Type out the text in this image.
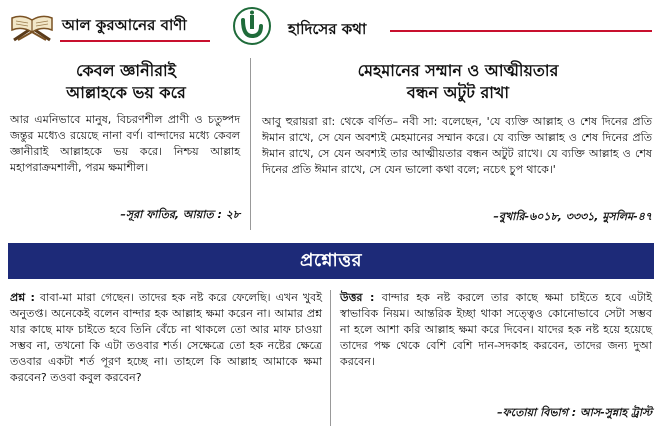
আল কুরআনের বাণী	হাদিসের কথা
কেবল জ্ঞানীরাই
আল্লাহকে ভয় করে
আর এমনিভাবে মানুষ, বিচরণশীল প্রাণী ও চতুষ্পদ জন্তুর মধ্যেও রয়েছে নানা বর্ণ। বান্দাদের মধ্যে কেবল জ্ঞানীরাই আল্লাহকে ভয় করে। নিশ্চয় আল্লাহ মহাপরাক্রমশালী, পরম ক্ষমাশীল।
–সূরা ফাতির, আয়াত : ২৮
মেহমানের সম্মান ও আত্মীয়তার
বন্ধন অটুট রাখা
আবু হুরায়রা রা: থেকে বর্ণিত– নবী সা: বলেছেন, 'যে ব্যক্তি আল্লাহ ও শেষ দিনের প্রতি ঈমান রাখে, সে যেন অবশ্যই মেহমানের সম্মান করে। যে ব্যক্তি আল্লাহ ও শেষ দিনের প্রতি ঈমান রাখে, সে যেন অবশ্যই তার আত্মীয়তার বন্ধন অটুট রাখে। যে ব্যক্তি আল্লাহ ও শেষ দিনের প্রতি ঈমান রাখে, সে যেন ভালো কথা বলে; নচেৎ চুপ থাকে।'
–বুখারি-৬০১৮, ৩৩৩১, মুসলিম-৪৭
প্রশ্নোত্তর
প্রশ্ন : বাবা-মা মারা গেছেন। তাদের হক নষ্ট করে ফেলেছি। এখন খুবই অনুতপ্ত। অনেকেই বলেন বান্দার হক আল্লাহ ক্ষমা করেন না। আমার প্রশ্ন যার কাছে মাফ চাইতে হবে তিনি বেঁচে না থাকলে তো আর মাফ চাওয়া সম্ভব না, তখনো কি এটা তওবার শর্ত। সেক্ষেত্রে তো হক নষ্টের ক্ষেত্রে তওবার একটা শর্ত পূরণ হচ্ছে না। তাহলে কি আল্লাহ আমাকে ক্ষমা করবেন? তওবা কবুল করবেন?
উত্তর : বান্দার হক নষ্ট করলে তার কাছে ক্ষমা চাইতে হবে এটাই স্বাভাবিক নিয়ম। আন্তরিক ইচ্ছা থাকা সত্ত্বেও কোনোভাবে সেটা সম্ভব না হলে আশা করি আল্লাহ ক্ষমা করে দিবেন। যাদের হক নষ্ট হয়ে হয়েছে তাদের পক্ষ থেকে বেশি বেশি দান-সদকাহ করবেন, তাদের জন্য দুআ করবেন।
–ফতোয়া বিভাগ : আস-সুন্নাহ ট্রাস্ট
